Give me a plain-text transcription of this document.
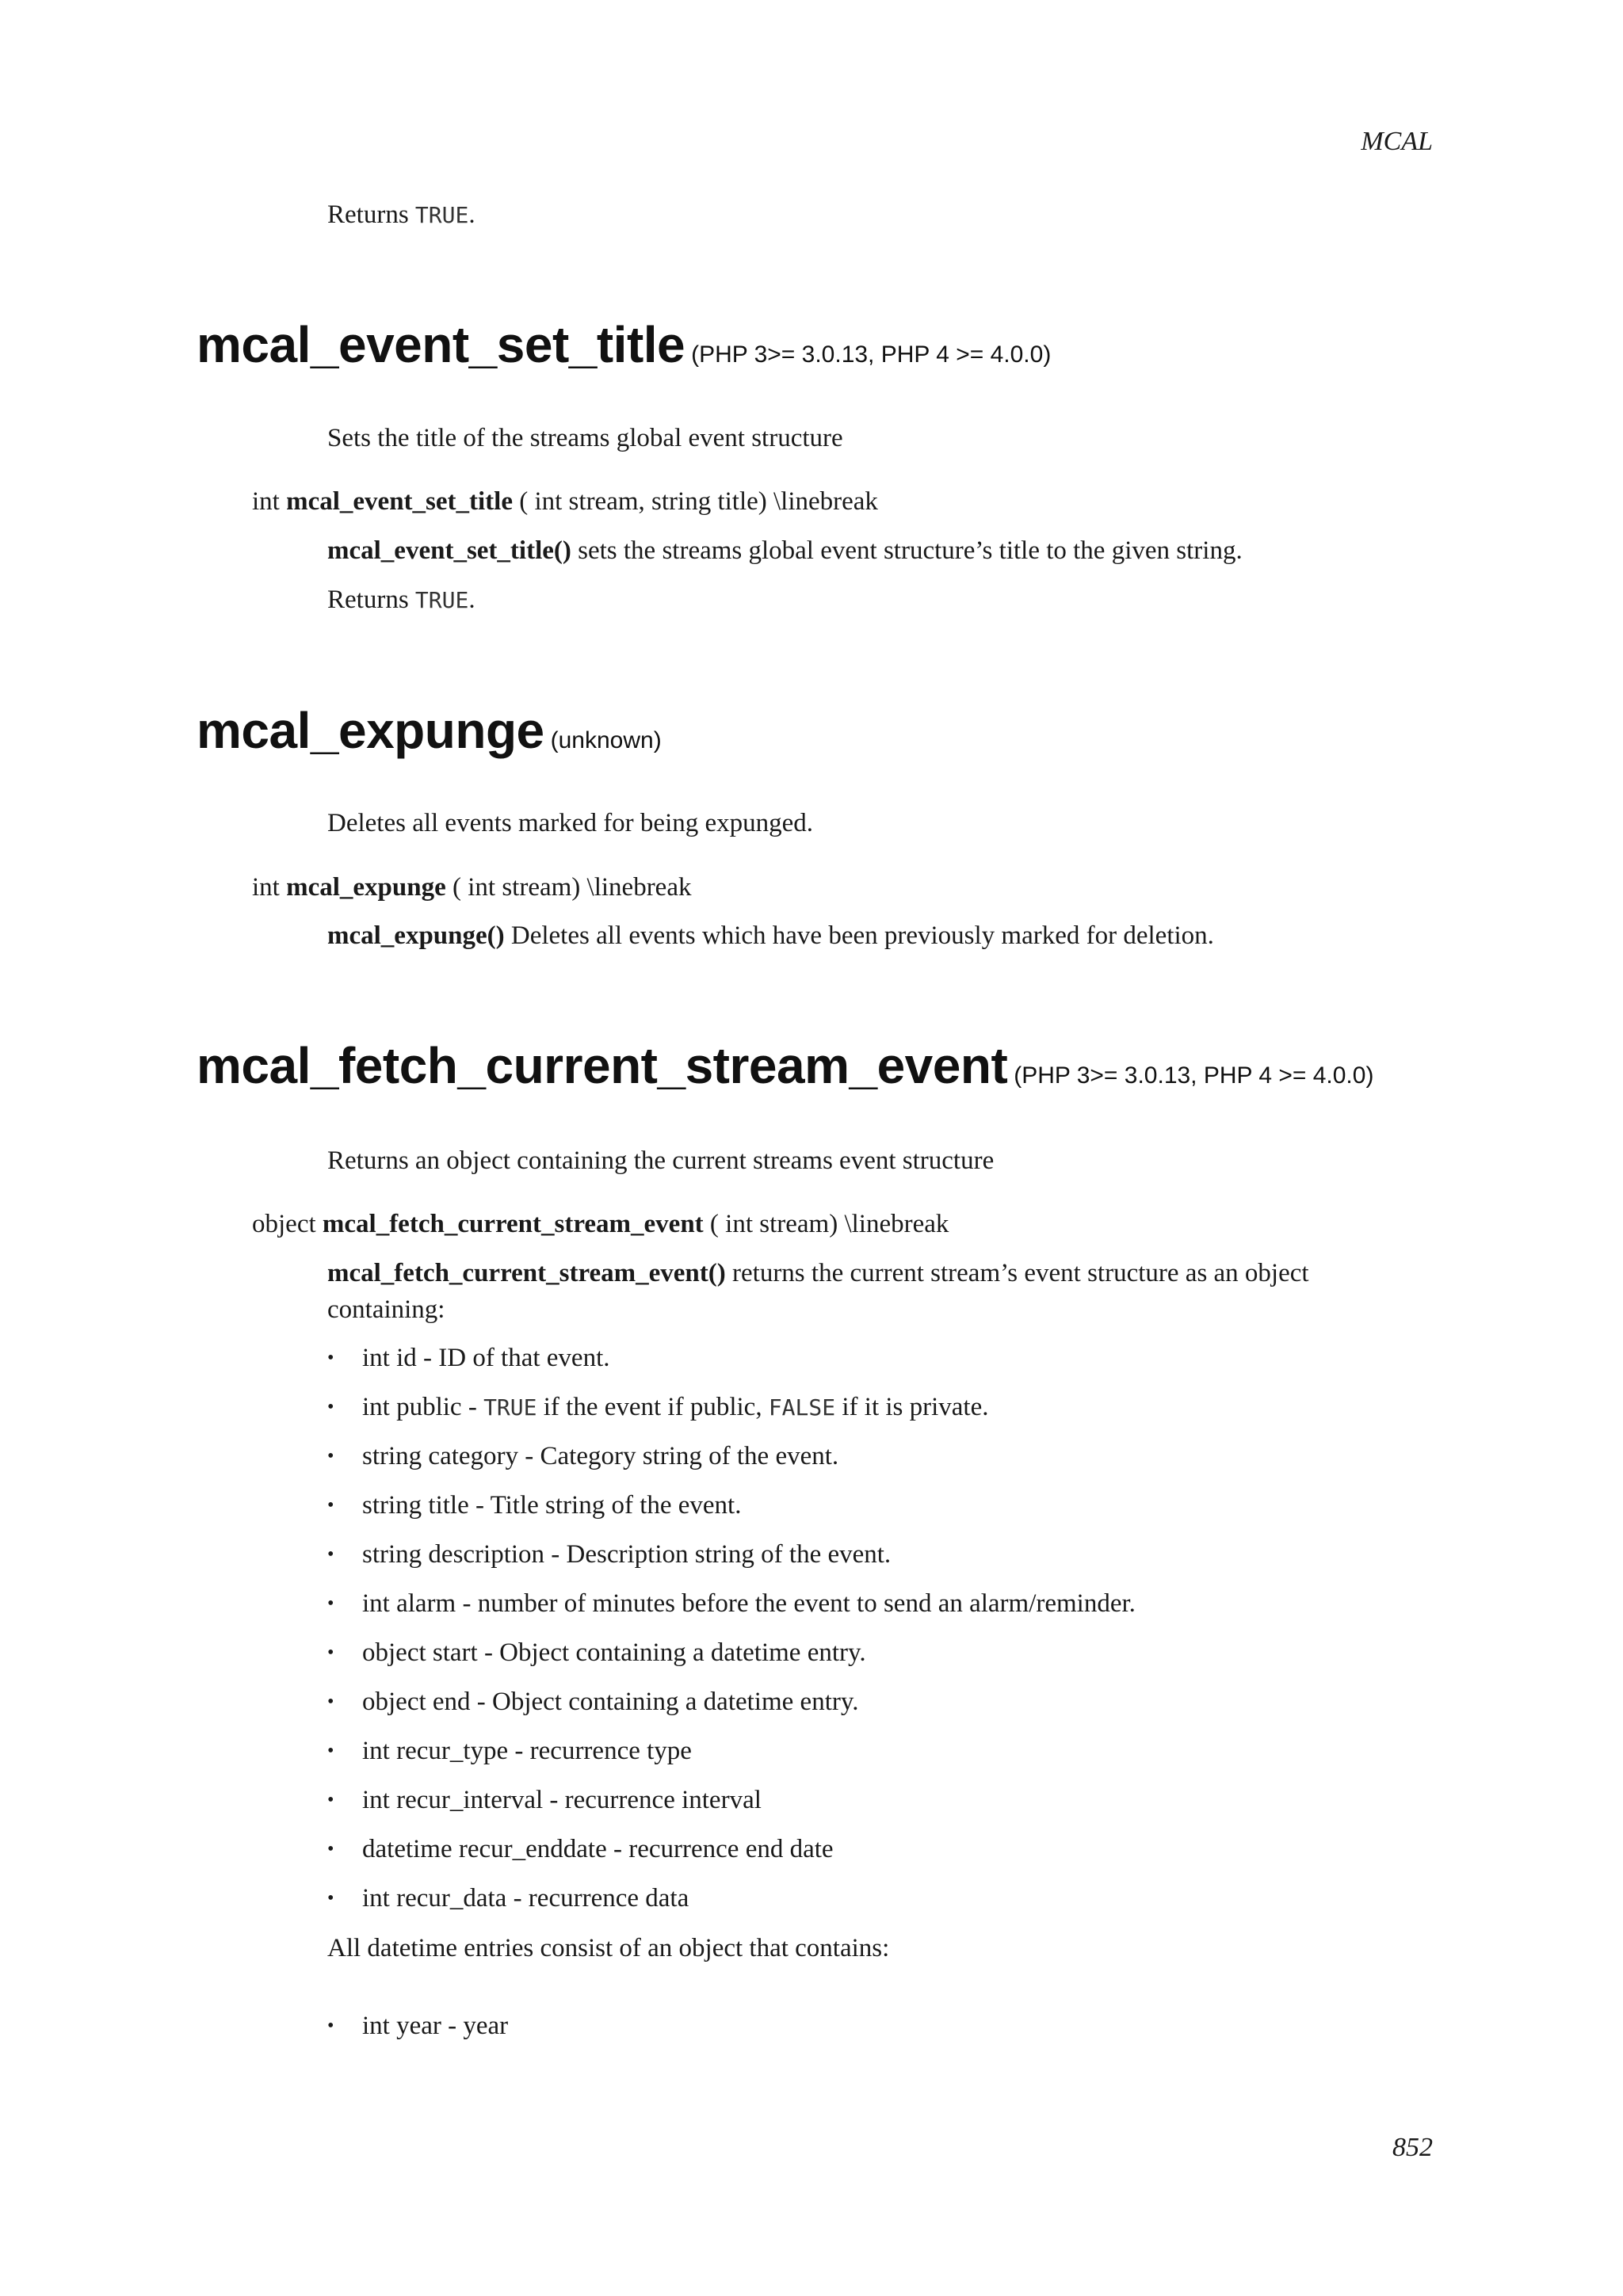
MCAL
Returns TRUE.
mcal_event_set_title (PHP 3>= 3.0.13, PHP 4 >= 4.0.0)
Sets the title of the streams global event structure
int mcal_event_set_title ( int stream, string title) \linebreak
mcal_event_set_title() sets the streams global event structure’s title to the given string.
Returns TRUE.
mcal_expunge (unknown)
Deletes all events marked for being expunged.
int mcal_expunge ( int stream) \linebreak
mcal_expunge() Deletes all events which have been previously marked for deletion.
mcal_fetch_current_stream_event (PHP 3>= 3.0.13, PHP 4 >= 4.0.0)
Returns an object containing the current streams event structure
object mcal_fetch_current_stream_event ( int stream) \linebreak
mcal_fetch_current_stream_event() returns the current stream’s event structure as an object containing:
• int id - ID of that event.
• int public - TRUE if the event if public, FALSE if it is private.
• string category - Category string of the event.
• string title - Title string of the event.
• string description - Description string of the event.
• int alarm - number of minutes before the event to send an alarm/reminder.
• object start - Object containing a datetime entry.
• object end - Object containing a datetime entry.
• int recur_type - recurrence type
• int recur_interval - recurrence interval
• datetime recur_enddate - recurrence end date
• int recur_data - recurrence data
All datetime entries consist of an object that contains:
• int year - year
852
